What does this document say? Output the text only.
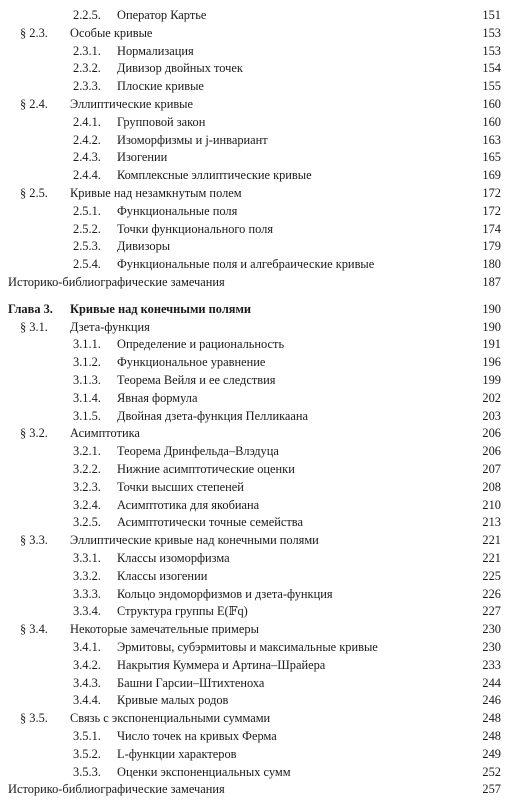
2.2.5. Оператор Картье	151
§ 2.3. Особые кривые	153
2.3.1. Нормализация	153
2.3.2. Дивизор двойных точек	154
2.3.3. Плоские кривые	155
§ 2.4. Эллиптические кривые	160
2.4.1. Групповой закон	160
2.4.2. Изоморфизмы и j-инвариант	163
2.4.3. Изогении	165
2.4.4. Комплексные эллиптические кривые	169
§ 2.5. Кривые над незамкнутым полем	172
2.5.1. Функциональные поля	172
2.5.2. Точки функционального поля	174
2.5.3. Дивизоры	179
2.5.4. Функциональные поля и алгебраические кривые	180
Историко-библиографические замечания	187
Глава 3. Кривые над конечными полями	190
§ 3.1. Дзета-функция	190
3.1.1. Определение и рациональность	191
3.1.2. Функциональное уравнение	196
3.1.3. Теорема Вейля и ее следствия	199
3.1.4. Явная формула	202
3.1.5. Двойная дзета-функция Пелликаана	203
§ 3.2. Асимптотика	206
3.2.1. Теорема Дринфельда–Влэдуца	206
3.2.2. Нижние асимптотические оценки	207
3.2.3. Точки высших степеней	208
3.2.4. Асимптотика для якобиана	210
3.2.5. Асимптотически точные семейства	213
§ 3.3. Эллиптические кривые над конечными полями	221
3.3.1. Классы изоморфизма	221
3.3.2. Классы изогении	225
3.3.3. Кольцо эндоморфизмов и дзета-функция	226
3.3.4. Структура группы E(𝔽q)	227
§ 3.4. Некоторые замечательные примеры	230
3.4.1. Эрмитовы, субэрмитовы и максимальные кривые	230
3.4.2. Накрытия Куммера и Артина–Шрайера	233
3.4.3. Башни Гарсии–Штихтеноха	244
3.4.4. Кривые малых родов	246
§ 3.5. Связь с экспоненциальными суммами	248
3.5.1. Число точек на кривых Ферма	248
3.5.2. L-функции характеров	249
3.5.3. Оценки экспоненциальных сумм	252
Историко-библиографические замечания	257
